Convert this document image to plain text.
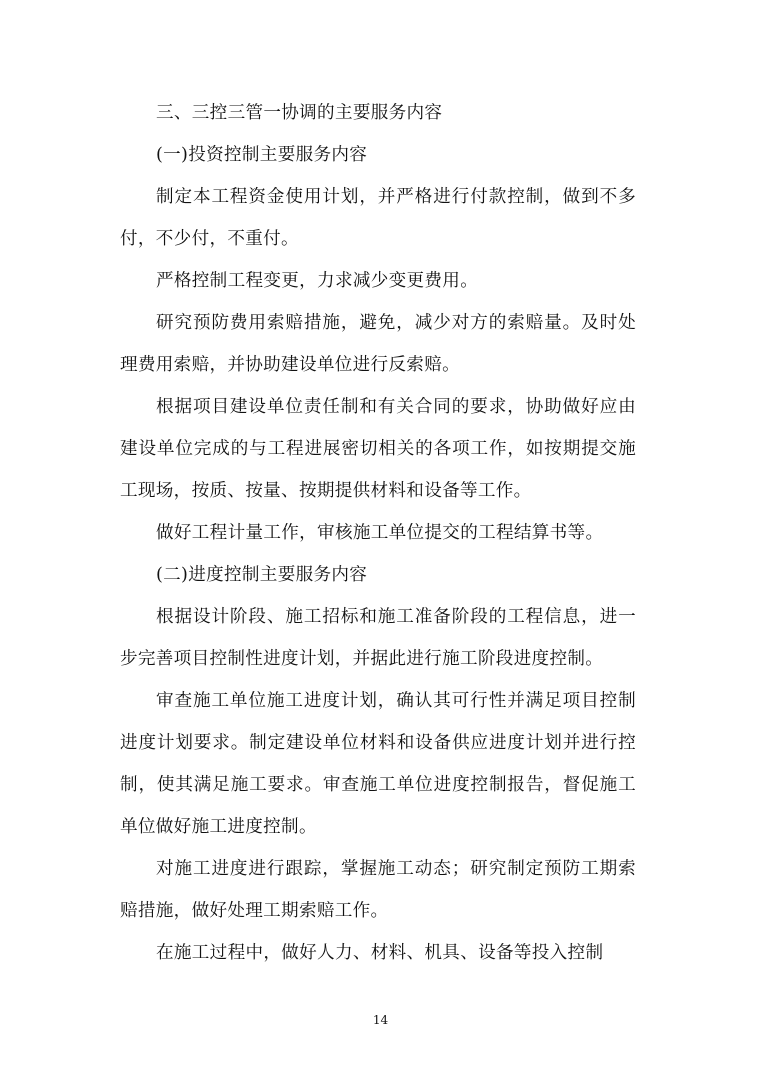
三、三控三管一协调的主要服务内容

(一)投资控制主要服务内容

制定本工程资金使用计划，并严格进行付款控制，做到不多付，不少付，不重付。

严格控制工程变更，力求减少变更费用。

研究预防费用索赔措施，避免，减少对方的索赔量。及时处理费用索赔，并协助建设单位进行反索赔。

根据项目建设单位责任制和有关合同的要求，协助做好应由建设单位完成的与工程进展密切相关的各项工作，如按期提交施工现场，按质、按量、按期提供材料和设备等工作。

做好工程计量工作，审核施工单位提交的工程结算书等。

(二)进度控制主要服务内容

根据设计阶段、施工招标和施工准备阶段的工程信息，进一步完善项目控制性进度计划，并据此进行施工阶段进度控制。

审查施工单位施工进度计划，确认其可行性并满足项目控制进度计划要求。制定建设单位材料和设备供应进度计划并进行控制，使其满足施工要求。审查施工单位进度控制报告，督促施工单位做好施工进度控制。

对施工进度进行跟踪，掌握施工动态；研究制定预防工期索赔措施，做好处理工期索赔工作。

在施工过程中，做好人力、材料、机具、设备等投入控制

14
